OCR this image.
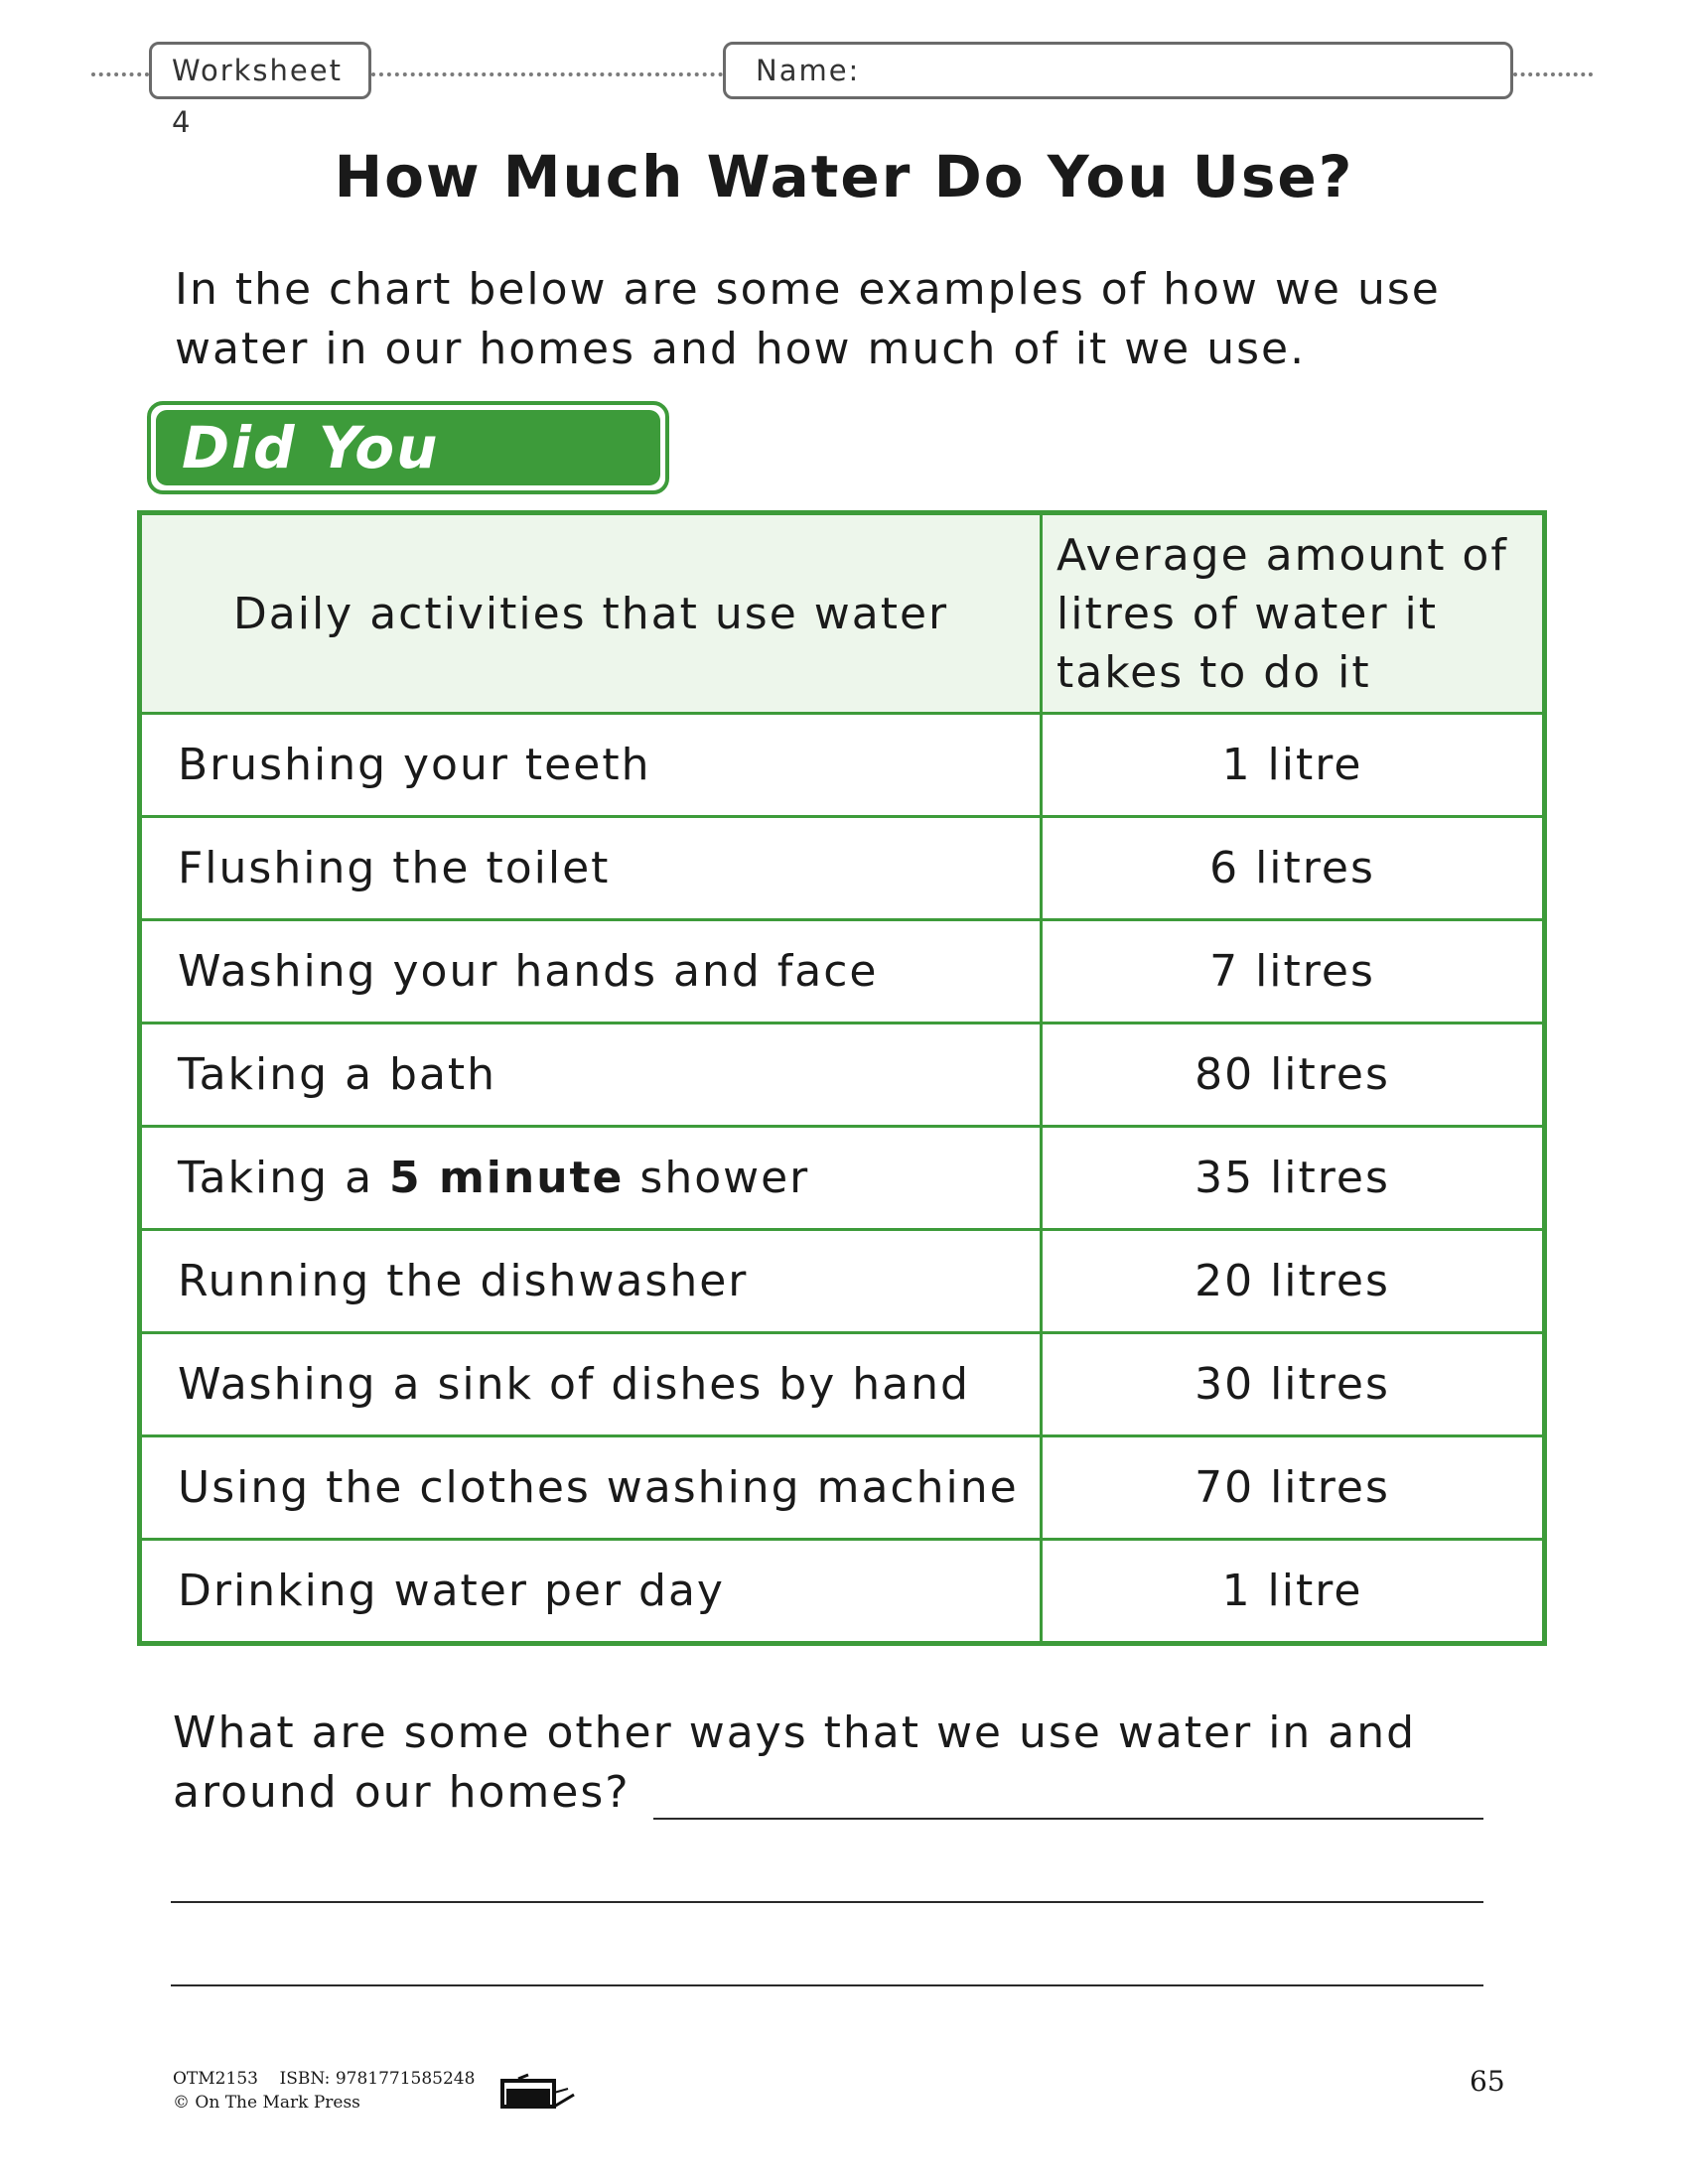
Worksheet 4
Name:
How Much Water Do You Use?

In the chart below are some examples of how we use water in our homes and how much of it we use.

Did You
Daily activities that use water	Average amount of litres of water it takes to do it
Brushing your teeth	1 litre
Flushing the toilet	6 litres
Washing your hands and face	7 litres
Taking a bath	80 litres
Taking a 5 minute shower	35 litres
Running the dishwasher	20 litres
Washing a sink of dishes by hand	30 litres
Using the clothes washing machine	70 litres
Drinking water per day	1 litre

What are some other ways that we use water in and around our homes?

OTM2153    ISBN: 9781771585248
© On The Mark Press
65
